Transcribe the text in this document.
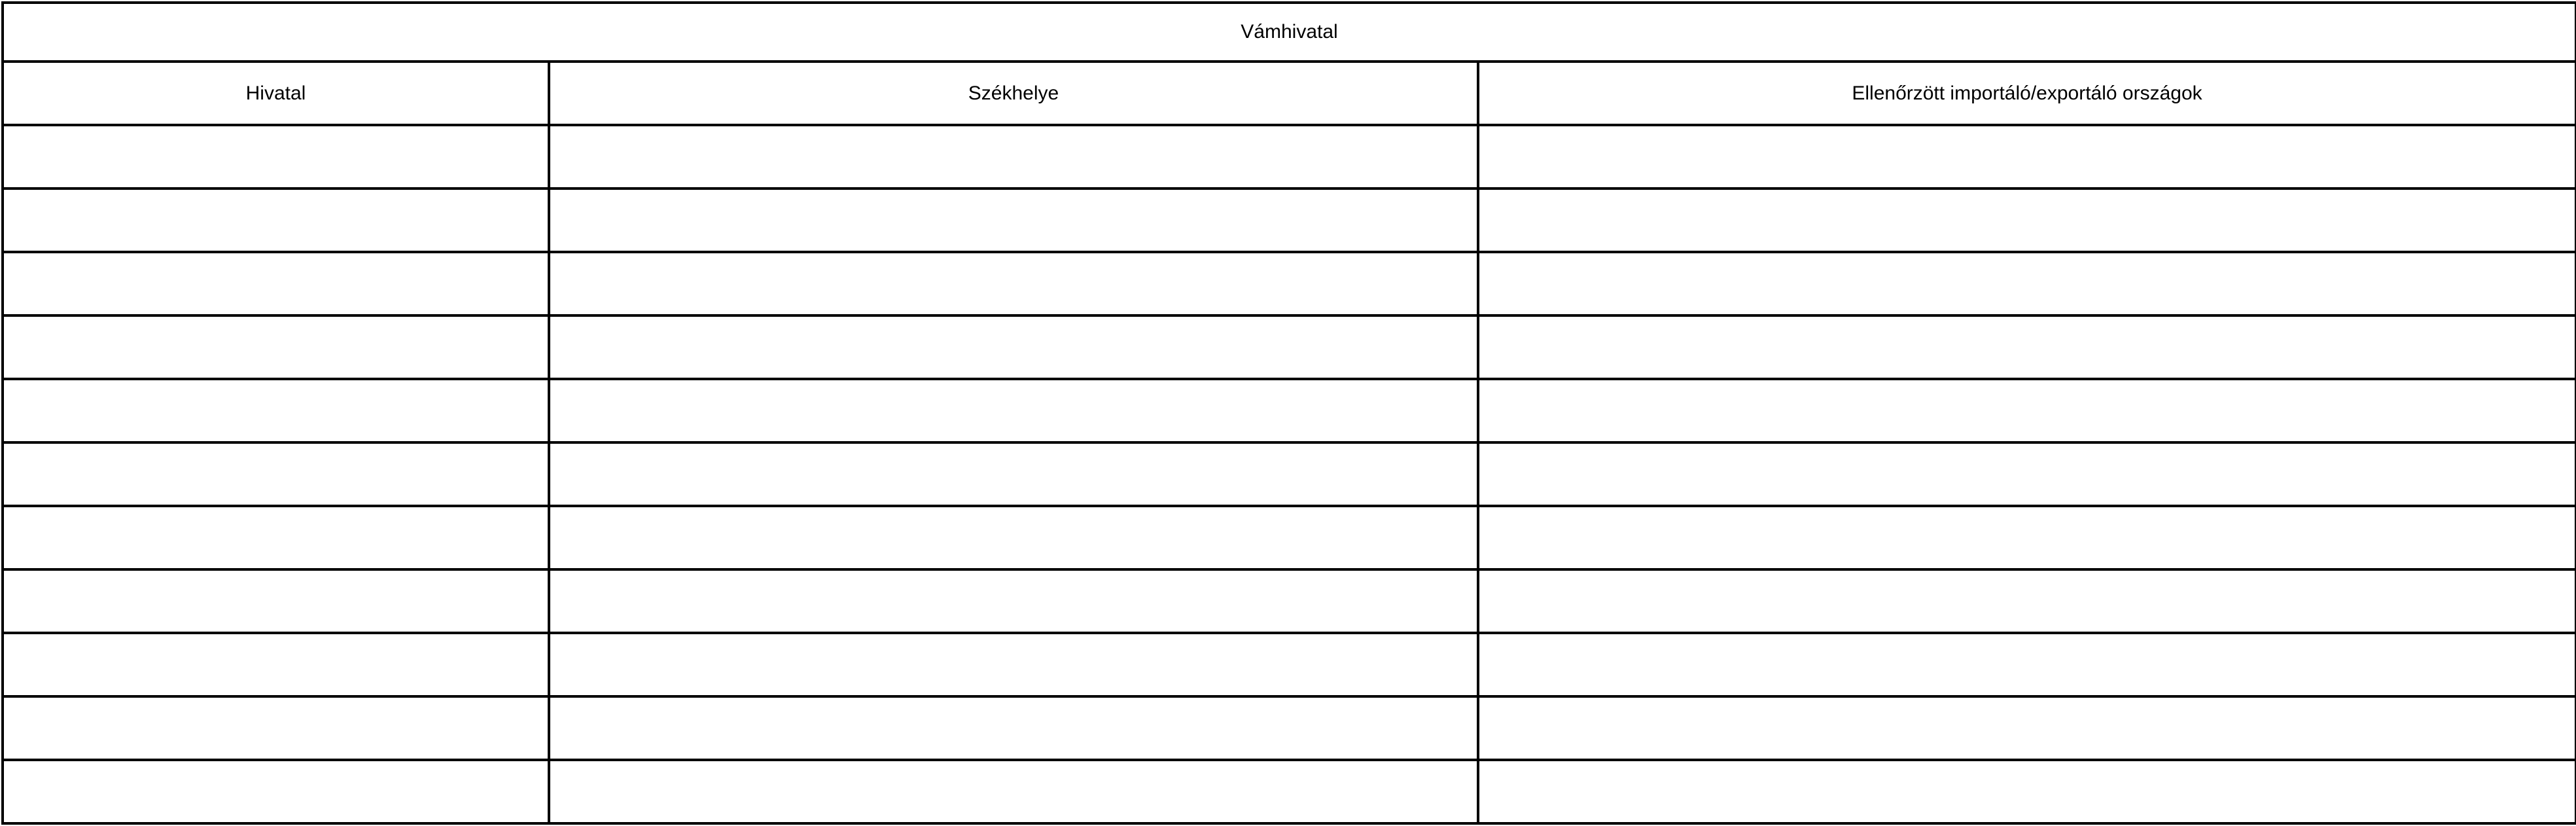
Vámhivatal		
Hivatal	Székhelye	Ellenőrzött importáló/exportáló országok
